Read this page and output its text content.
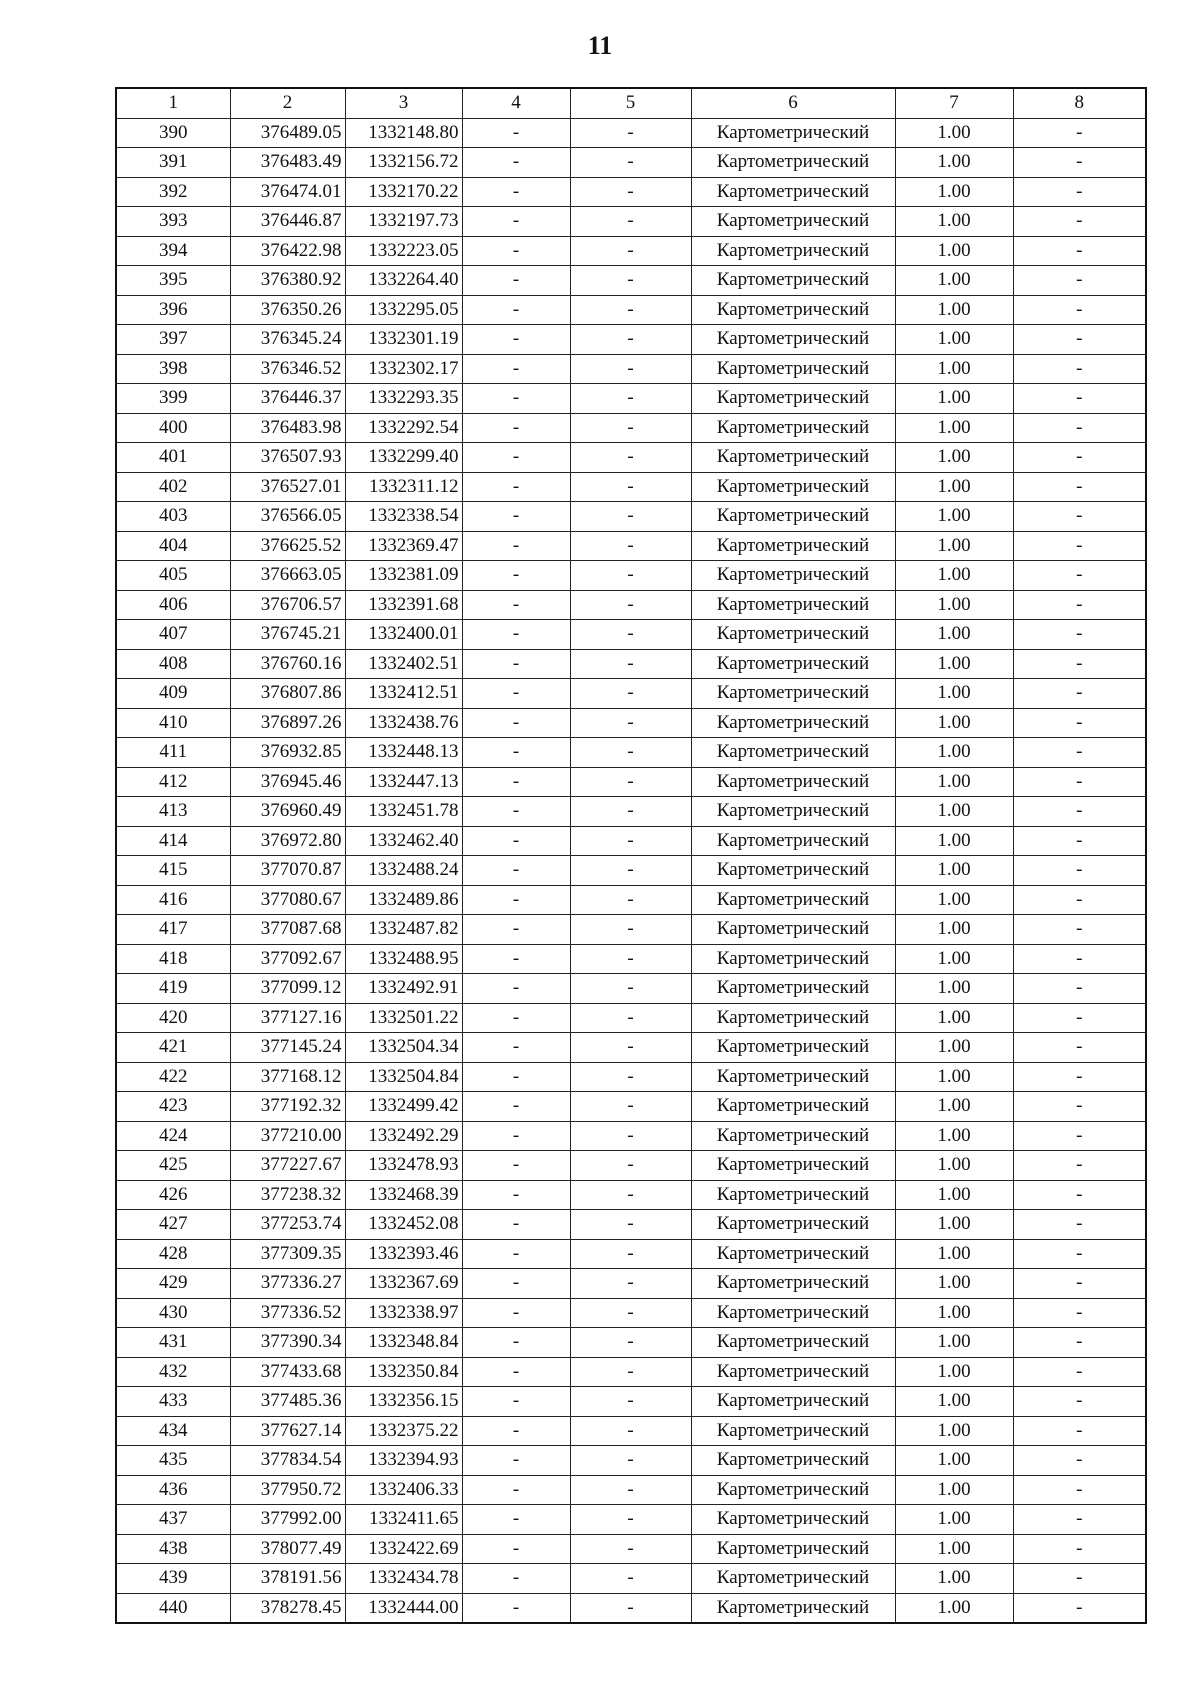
11
1	2	3	4	5	6	7	8
390	376489.05	1332148.80	-	-	Картометрический	1.00	-
391	376483.49	1332156.72	-	-	Картометрический	1.00	-
392	376474.01	1332170.22	-	-	Картометрический	1.00	-
393	376446.87	1332197.73	-	-	Картометрический	1.00	-
394	376422.98	1332223.05	-	-	Картометрический	1.00	-
395	376380.92	1332264.40	-	-	Картометрический	1.00	-
396	376350.26	1332295.05	-	-	Картометрический	1.00	-
397	376345.24	1332301.19	-	-	Картометрический	1.00	-
398	376346.52	1332302.17	-	-	Картометрический	1.00	-
399	376446.37	1332293.35	-	-	Картометрический	1.00	-
400	376483.98	1332292.54	-	-	Картометрический	1.00	-
401	376507.93	1332299.40	-	-	Картометрический	1.00	-
402	376527.01	1332311.12	-	-	Картометрический	1.00	-
403	376566.05	1332338.54	-	-	Картометрический	1.00	-
404	376625.52	1332369.47	-	-	Картометрический	1.00	-
405	376663.05	1332381.09	-	-	Картометрический	1.00	-
406	376706.57	1332391.68	-	-	Картометрический	1.00	-
407	376745.21	1332400.01	-	-	Картометрический	1.00	-
408	376760.16	1332402.51	-	-	Картометрический	1.00	-
409	376807.86	1332412.51	-	-	Картометрический	1.00	-
410	376897.26	1332438.76	-	-	Картометрический	1.00	-
411	376932.85	1332448.13	-	-	Картометрический	1.00	-
412	376945.46	1332447.13	-	-	Картометрический	1.00	-
413	376960.49	1332451.78	-	-	Картометрический	1.00	-
414	376972.80	1332462.40	-	-	Картометрический	1.00	-
415	377070.87	1332488.24	-	-	Картометрический	1.00	-
416	377080.67	1332489.86	-	-	Картометрический	1.00	-
417	377087.68	1332487.82	-	-	Картометрический	1.00	-
418	377092.67	1332488.95	-	-	Картометрический	1.00	-
419	377099.12	1332492.91	-	-	Картометрический	1.00	-
420	377127.16	1332501.22	-	-	Картометрический	1.00	-
421	377145.24	1332504.34	-	-	Картометрический	1.00	-
422	377168.12	1332504.84	-	-	Картометрический	1.00	-
423	377192.32	1332499.42	-	-	Картометрический	1.00	-
424	377210.00	1332492.29	-	-	Картометрический	1.00	-
425	377227.67	1332478.93	-	-	Картометрический	1.00	-
426	377238.32	1332468.39	-	-	Картометрический	1.00	-
427	377253.74	1332452.08	-	-	Картометрический	1.00	-
428	377309.35	1332393.46	-	-	Картометрический	1.00	-
429	377336.27	1332367.69	-	-	Картометрический	1.00	-
430	377336.52	1332338.97	-	-	Картометрический	1.00	-
431	377390.34	1332348.84	-	-	Картометрический	1.00	-
432	377433.68	1332350.84	-	-	Картометрический	1.00	-
433	377485.36	1332356.15	-	-	Картометрический	1.00	-
434	377627.14	1332375.22	-	-	Картометрический	1.00	-
435	377834.54	1332394.93	-	-	Картометрический	1.00	-
436	377950.72	1332406.33	-	-	Картометрический	1.00	-
437	377992.00	1332411.65	-	-	Картометрический	1.00	-
438	378077.49	1332422.69	-	-	Картометрический	1.00	-
439	378191.56	1332434.78	-	-	Картометрический	1.00	-
440	378278.45	1332444.00	-	-	Картометрический	1.00	-
